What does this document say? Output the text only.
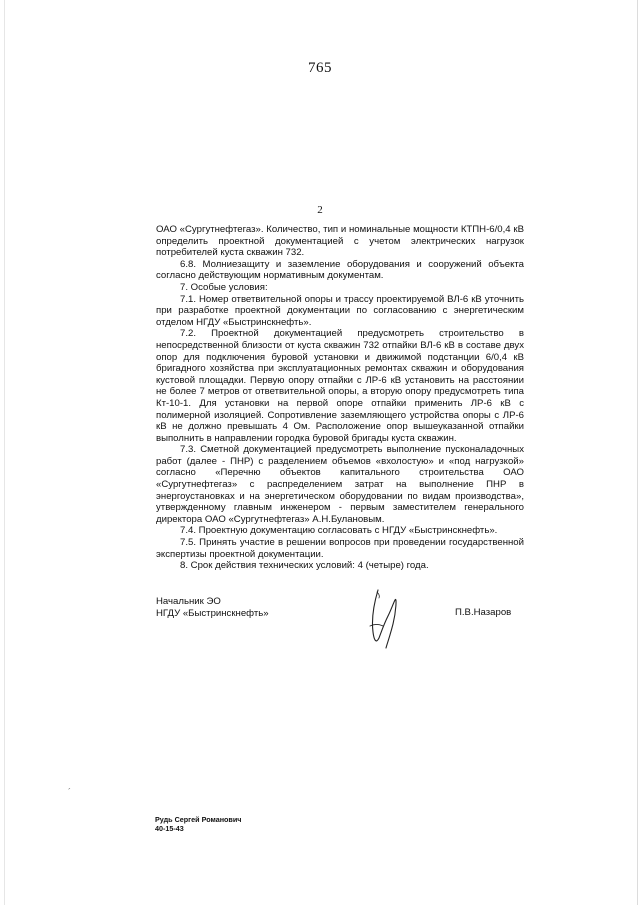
765
2

ОАО «Сургутнефтегаз». Количество, тип и номинальные мощности КТПН-6/0,4 кВ определить проектной документацией с учетом электрических нагрузок потребителей куста скважин 732.

6.8. Молниезащиту и заземление оборудования и сооружений объекта согласно действующим нормативным документам.

7. Особые условия:

7.1. Номер ответвительной опоры и трассу проектируемой ВЛ-6 кВ уточнить при разработке проектной документации по согласованию с энергетическим отделом НГДУ «Быстринскнефть».

7.2. Проектной документацией предусмотреть строительство в непосредственной близости от куста скважин 732 отпайки ВЛ-6 кВ в составе двух опор для подключения буровой установки и движимой подстанции 6/0,4 кВ бригадного хозяйства при эксплуатационных ремонтах скважин и оборудования кустовой площадки. Первую опору отпайки с ЛР-6 кВ установить на расстоянии не более 7 метров от ответвительной опоры, а вторую опору предусмотреть типа Кт-10-1. Для установки на первой опоре отпайки применить ЛР-6 кВ с полимерной изоляцией. Сопротивление заземляющего устройства опоры с ЛР-6 кВ не должно превышать 4 Ом. Расположение опор вышеуказанной отпайки выполнить в направлении городка буровой бригады куста скважин.

7.3. Сметной документацией предусмотреть выполнение пусконаладочных работ (далее - ПНР) с разделением объемов «вхолостую» и «под нагрузкой» согласно «Перечню объектов капитального строительства ОАО «Сургутнефтегаз» с распределением затрат на выполнение ПНР в энергоустановках и на энергетическом оборудовании по видам производства», утвержденному главным инженером - первым заместителем генерального директора ОАО «Сургутнефтегаз» А.Н.Булановым.

7.4. Проектную документацию согласовать с НГДУ «Быстринскнефть».

7.5. Принять участие в решении вопросов при проведении государственной экспертизы проектной документации.

8. Срок действия технических условий: 4 (четыре) года.

Начальник ЭО
НГДУ «Быстринскнефть»	П.В.Назаров
Рудь Сергей Романович
40-15-43
´
